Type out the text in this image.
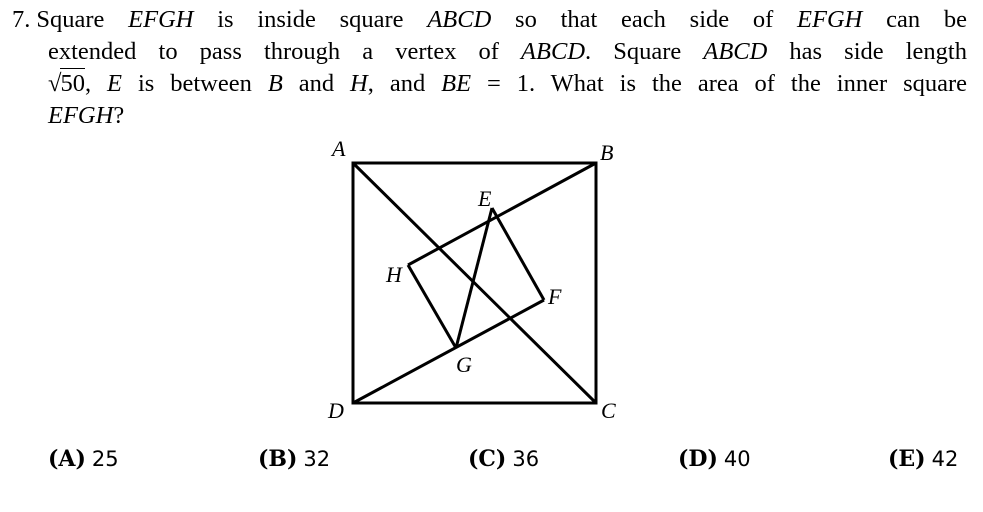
7. Square EFGH is inside square ABCD so that each side of EFGH can be
extended to pass through a vertex of ABCD. Square ABCD has side length
√50, E is between B and H, and BE = 1. What is the area of the inner square
EFGH?
A	B
C
D
E
F
G
H
(A) 25	(B) 32	(C) 36	(D) 40	(E) 42
